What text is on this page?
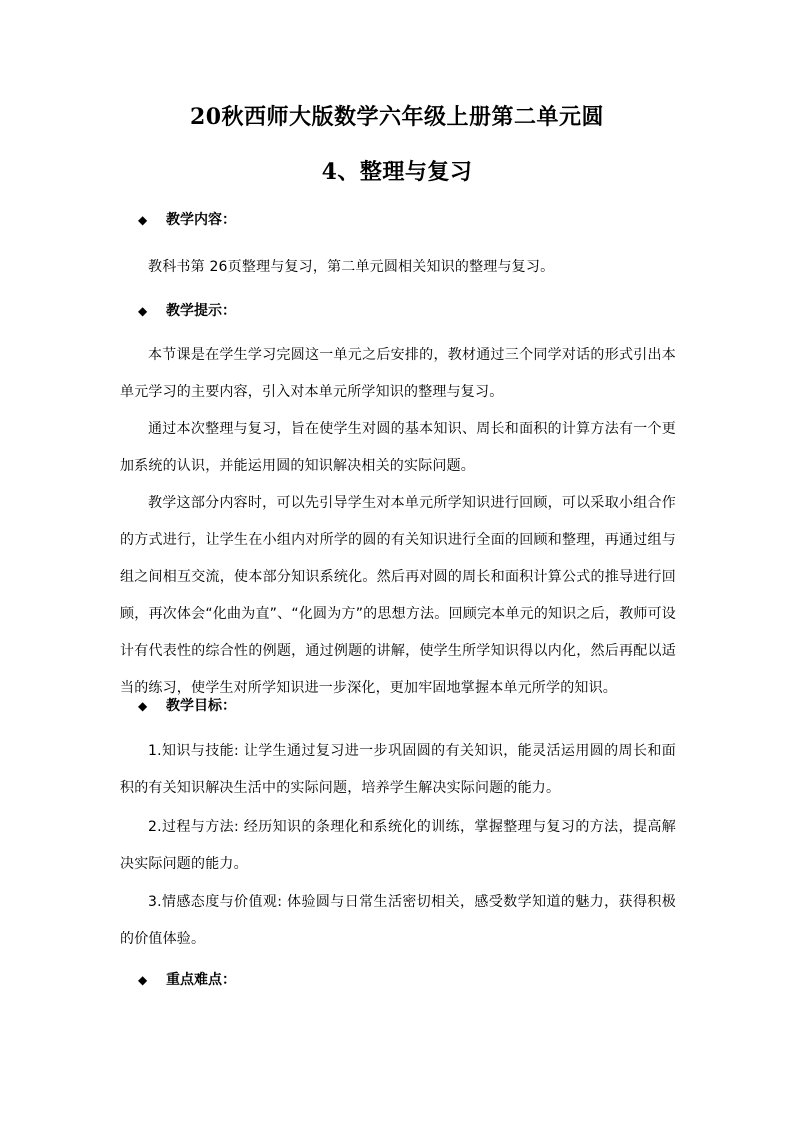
20秋西师大版数学六年级上册第二单元圆
4、整理与复习
◆ 教学内容：
教科书第 26页整理与复习，第二单元圆相关知识的整理与复习。
◆ 教学提示：
本节课是在学生学习完圆这一单元之后安排的，教材通过三个同学对话的形式引出本单元学习的主要内容，引入对本单元所学知识的整理与复习。
通过本次整理与复习，旨在使学生对圆的基本知识、周长和面积的计算方法有一个更加系统的认识，并能运用圆的知识解决相关的实际问题。
教学这部分内容时，可以先引导学生对本单元所学知识进行回顾，可以采取小组合作的方式进行，让学生在小组内对所学的圆的有关知识进行全面的回顾和整理，再通过组与组之间相互交流，使本部分知识系统化。然后再对圆的周长和面积计算公式的推导进行回顾，再次体会“化曲为直”、“化圆为方”的思想方法。回顾完本单元的知识之后，教师可设计有代表性的综合性的例题，通过例题的讲解，使学生所学知识得以内化，然后再配以适当的练习，使学生对所学知识进一步深化，更加牢固地掌握本单元所学的知识。
◆ 教学目标：
1.知识与技能: 让学生通过复习进一步巩固圆的有关知识，能灵活运用圆的周长和面积的有关知识解决生活中的实际问题，培养学生解决实际问题的能力。
2.过程与方法: 经历知识的条理化和系统化的训练，掌握整理与复习的方法，提高解决实际问题的能力。
3.情感态度与价值观: 体验圆与日常生活密切相关，感受数学知道的魅力，获得积极的价值体验。
◆ 重点难点：
